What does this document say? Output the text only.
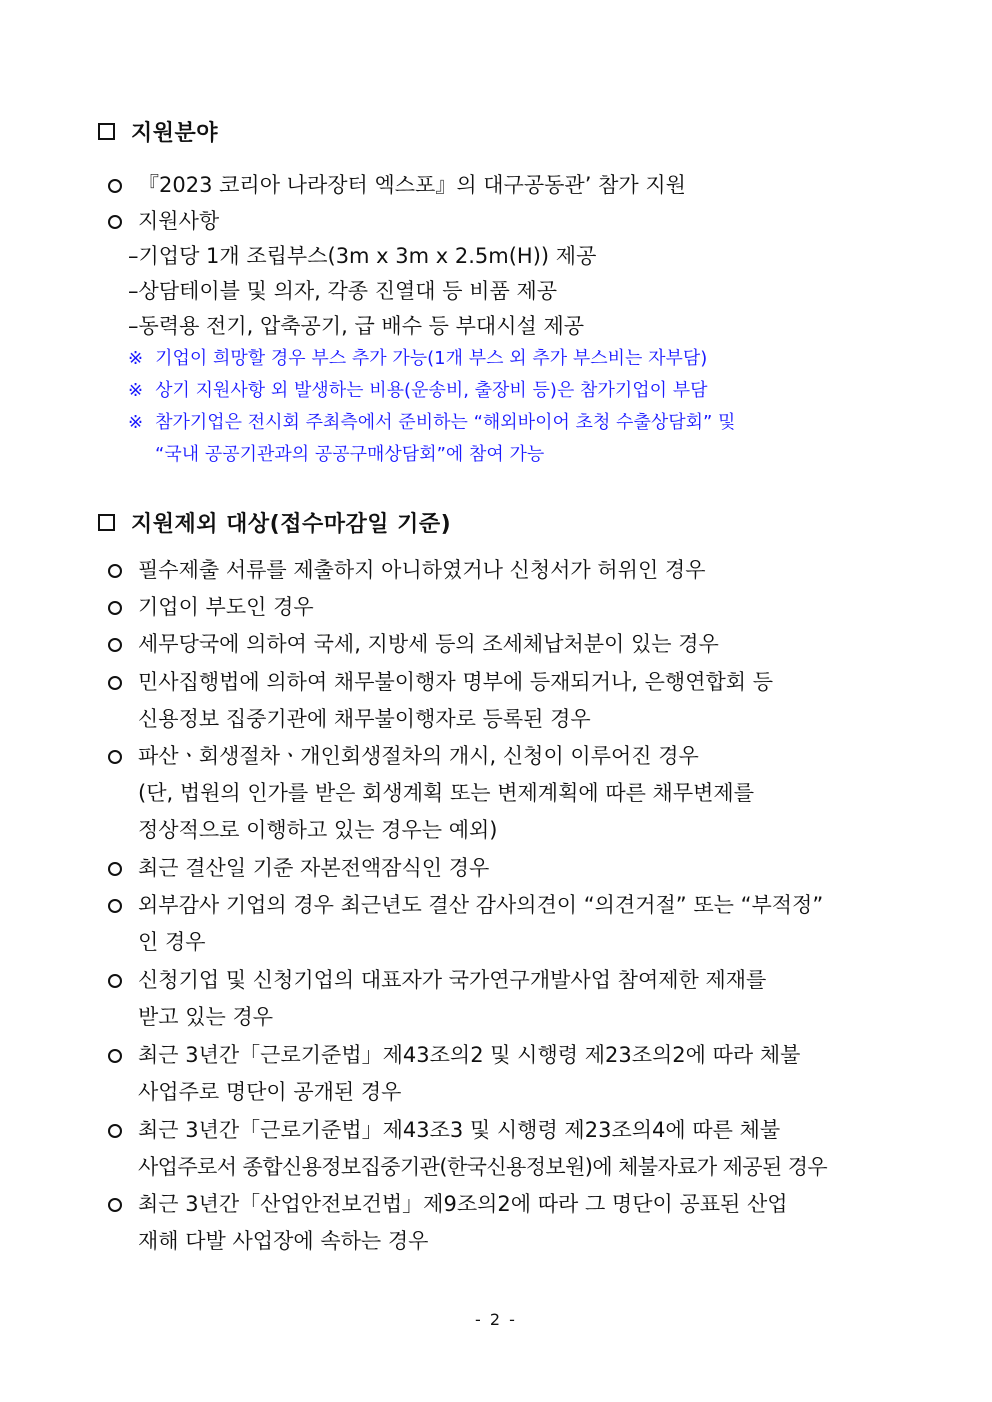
지원분야
『2023 코리아 나라장터 엑스포』의 대구공동관’ 참가 지원
지원사항
–기업당 1개 조립부스(3m x 3m x 2.5m(H)) 제공
–상담테이블 및 의자, 각종 진열대 등 비품 제공
–동력용 전기, 압축공기, 급 배수 등 부대시설 제공
※ 기업이 희망할 경우 부스 추가 가능(1개 부스 외 추가 부스비는 자부담)
※ 상기 지원사항 외 발생하는 비용(운송비, 출장비 등)은 참가기업이 부담
※ 참가기업은 전시회 주최측에서 준비하는 “해외바이어 초청 수출상담회” 및
“국내 공공기관과의 공공구매상담회”에 참여 가능
지원제외 대상(접수마감일 기준)
필수제출 서류를 제출하지 아니하였거나 신청서가 허위인 경우
기업이 부도인 경우
세무당국에 의하여 국세, 지방세 등의 조세체납처분이 있는 경우
민사집행법에 의하여 채무불이행자 명부에 등재되거나, 은행연합회 등
신용정보 집중기관에 채무불이행자로 등록된 경우
파산ㆍ회생절차ㆍ개인회생절차의 개시, 신청이 이루어진 경우
(단, 법원의 인가를 받은 회생계획 또는 변제계획에 따른 채무변제를
정상적으로 이행하고 있는 경우는 예외)
최근 결산일 기준 자본전액잠식인 경우
외부감사 기업의 경우 최근년도 결산 감사의견이 “의견거절” 또는 “부적정”
인 경우
신청기업 및 신청기업의 대표자가 국가연구개발사업 참여제한 제재를
받고 있는 경우
최근 3년간「근로기준법」제43조의2 및 시행령 제23조의2에 따라 체불
사업주로 명단이 공개된 경우
최근 3년간「근로기준법」제43조3 및 시행령 제23조의4에 따른 체불
사업주로서 종합신용정보집중기관(한국신용정보원)에 체불자료가 제공된 경우
최근 3년간「산업안전보건법」제9조의2에 따라 그 명단이 공표된 산업
재해 다발 사업장에 속하는 경우
- 2 -
